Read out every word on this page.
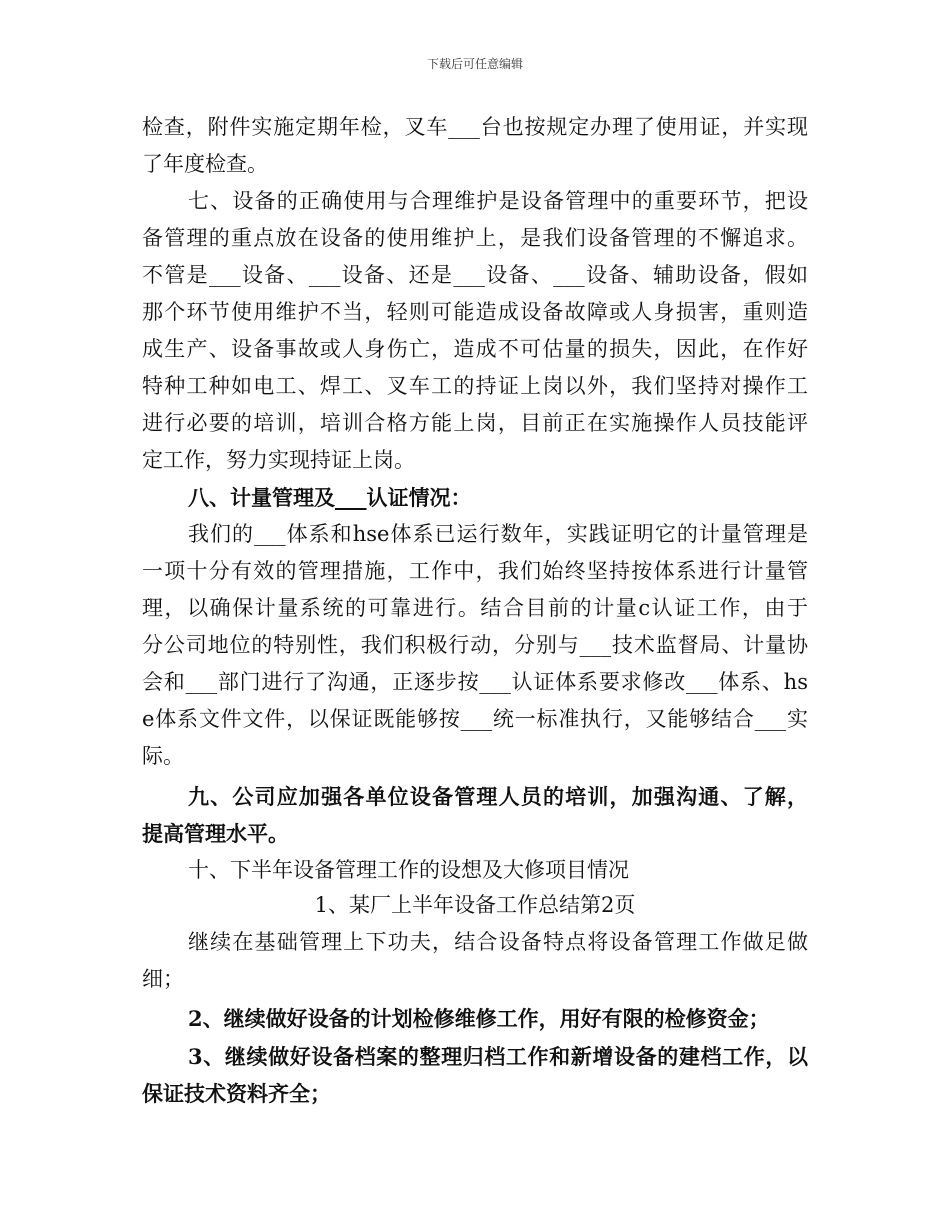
下载后可任意编辑
检查，附件实施定期年检，叉车___台也按规定办理了使用证，并实现
了年度检查。
七、设备的正确使用与合理维护是设备管理中的重要环节，把设
备管理的重点放在设备的使用维护上，是我们设备管理的不懈追求。
不管是___设备、___设备、还是___设备、___设备、辅助设备，假如
那个环节使用维护不当，轻则可能造成设备故障或人身损害，重则造
成生产、设备事故或人身伤亡，造成不可估量的损失，因此，在作好
特种工种如电工、焊工、叉车工的持证上岗以外，我们坚持对操作工
进行必要的培训，培训合格方能上岗，目前正在实施操作人员技能评
定工作，努力实现持证上岗。
八、计量管理及___认证情况：
我们的___体系和hse体系已运行数年，实践证明它的计量管理是
一项十分有效的管理措施，工作中，我们始终坚持按体系进行计量管
理，以确保计量系统的可靠进行。结合目前的计量c认证工作，由于
分公司地位的特别性，我们积极行动，分别与___技术监督局、计量协
会和___部门进行了沟通，正逐步按___认证体系要求修改___体系、hs
e体系文件文件，以保证既能够按___统一标准执行，又能够结合___实
际。
九、公司应加强各单位设备管理人员的培训，加强沟通、了解，
提高管理水平。
十、下半年设备管理工作的设想及大修项目情况
1、某厂上半年设备工作总结第2页
继续在基础管理上下功夫，结合设备特点将设备管理工作做足做
细；
2、继续做好设备的计划检修维修工作，用好有限的检修资金；
3、继续做好设备档案的整理归档工作和新增设备的建档工作，以
保证技术资料齐全；
